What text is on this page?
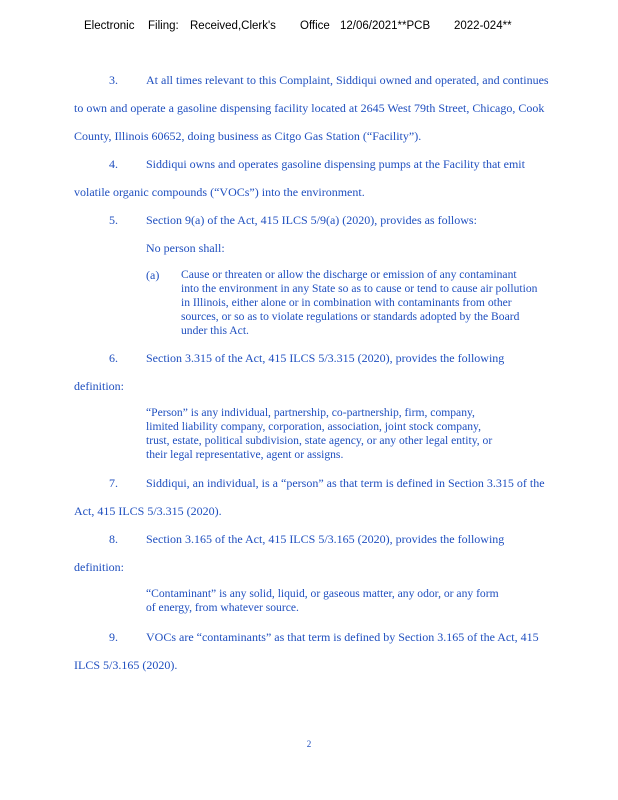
Electronic Filing: Received,Clerk's Office 12/06/2021**PCB 2022-024**
3. At all times relevant to this Complaint, Siddiqui owned and operated, and continues
to own and operate a gasoline dispensing facility located at 2645 West 79th Street, Chicago, Cook
County, Illinois 60652, doing business as Citgo Gas Station (“Facility”).
4. Siddiqui owns and operates gasoline dispensing pumps at the Facility that emit
volatile organic compounds (“VOCs”) into the environment.
5. Section 9(a) of the Act, 415 ILCS 5/9(a) (2020), provides as follows:
No person shall:
(a) Cause or threaten or allow the discharge or emission of any contaminant
into the environment in any State so as to cause or tend to cause air pollution
in Illinois, either alone or in combination with contaminants from other
sources, or so as to violate regulations or standards adopted by the Board
under this Act.
6. Section 3.315 of the Act, 415 ILCS 5/3.315 (2020), provides the following
definition:
“Person” is any individual, partnership, co-partnership, firm, company,
limited liability company, corporation, association, joint stock company,
trust, estate, political subdivision, state agency, or any other legal entity, or
their legal representative, agent or assigns.
7. Siddiqui, an individual, is a “person” as that term is defined in Section 3.315 of the
Act, 415 ILCS 5/3.315 (2020).
8. Section 3.165 of the Act, 415 ILCS 5/3.165 (2020), provides the following
definition:
“Contaminant” is any solid, liquid, or gaseous matter, any odor, or any form
of energy, from whatever source.
9. VOCs are “contaminants” as that term is defined by Section 3.165 of the Act, 415
ILCS 5/3.165 (2020).
2
